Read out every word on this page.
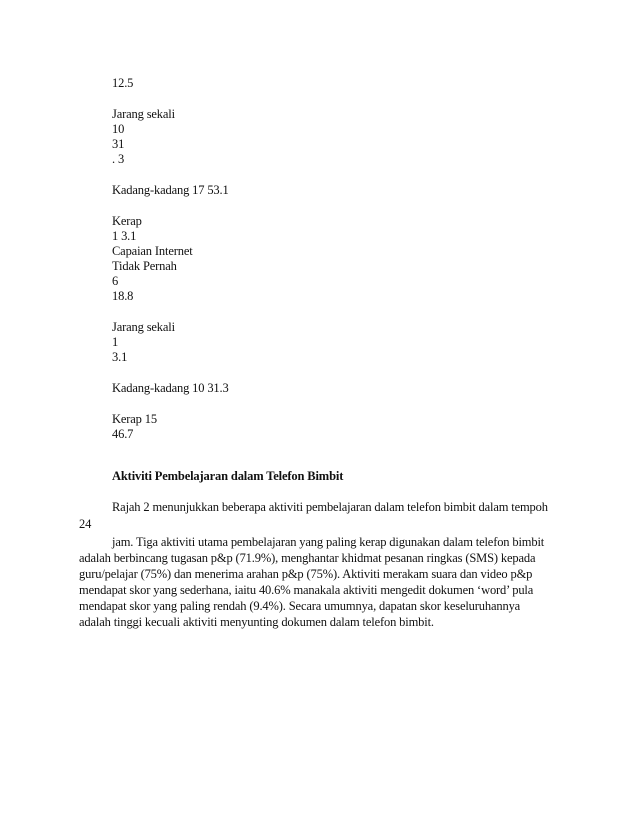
12.5
Jarang sekali
10
31
. 3
Kadang-kadang 17 53.1
Kerap
1 3.1
Capaian Internet
Tidak Pernah
6
18.8
Jarang sekali
1
3.1
Kadang-kadang 10 31.3
Kerap 15
46.7
Aktiviti Pembelajaran dalam Telefon Bimbit
Rajah 2 menunjukkan beberapa aktiviti pembelajaran dalam telefon bimbit dalam tempoh
24
jam. Tiga aktiviti utama pembelajaran yang paling kerap digunakan dalam telefon bimbit
adalah berbincang tugasan p&p (71.9%), menghantar khidmat pesanan ringkas (SMS) kepada
guru/pelajar (75%) dan menerima arahan p&p (75%). Aktiviti merakam suara dan video p&p
mendapat skor yang sederhana, iaitu 40.6% manakala aktiviti mengedit dokumen ‘word’ pula
mendapat skor yang paling rendah (9.4%). Secara umumnya, dapatan skor keseluruhannya
adalah tinggi kecuali aktiviti menyunting dokumen dalam telefon bimbit.
